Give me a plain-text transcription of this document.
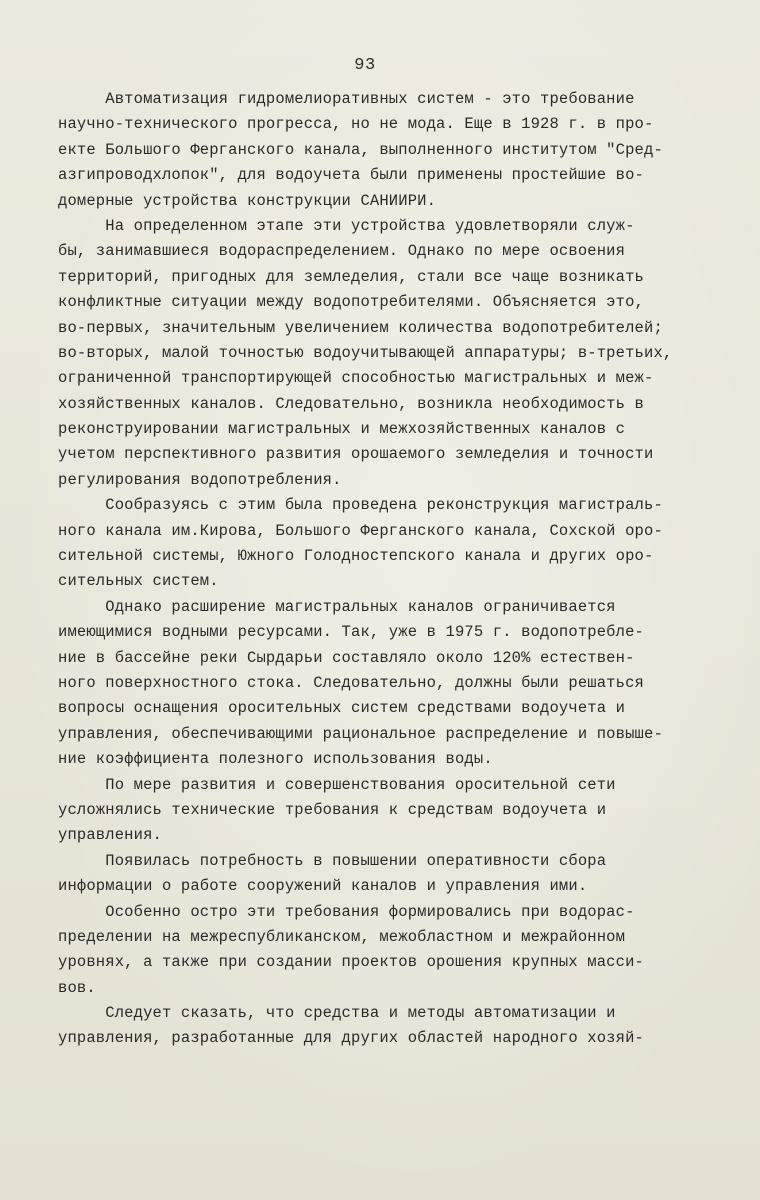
93
Автоматизация гидромелиоративных систем - это требование
научно-технического прогресса, но не мода. Еще в 1928 г. в про-
екте Большого Ферганского канала, выполненного институтом "Сред-
азгипроводхлопок", для водоучета были применены простейшие во-
домерные устройства конструкции САНИИРИ.
На определенном этапе эти устройства удовлетворяли служ-
бы, занимавшиеся водораспределением. Однако по мере освоения
территорий, пригодных для земледелия, стали все чаще возникать
конфликтные ситуации между водопотребителями. Объясняется это,
во-первых, значительным увеличением количества водопотребителей;
во-вторых, малой точностью водоучитывающей аппаратуры; в-третьих,
ограниченной транспортирующей способностью магистральных и меж-
хозяйственных каналов. Следовательно, возникла необходимость в
реконструировании магистральных и межхозяйственных каналов с
учетом перспективного развития орошаемого земледелия и точности
регулирования водопотребления.
Сообразуясь с этим была проведена реконструкция магистраль-
ного канала им.Кирова, Большого Ферганского канала, Сохской оро-
сительной системы, Южного Голодностепского канала и других оро-
сительных систем.
Однако расширение магистральных каналов ограничивается
имеющимися водными ресурсами. Так, уже в 1975 г. водопотребле-
ние в бассейне реки Сырдарьи составляло около 120% естествен-
ного поверхностного стока. Следовательно, должны были решаться
вопросы оснащения оросительных систем средствами водоучета и
управления, обеспечивающими рациональное распределение и повыше-
ние коэффициента полезного использования воды.
По мере развития и совершенствования оросительной сети
усложнялись технические требования к средствам водоучета и
управления.
Появилась потребность в повышении оперативности сбора
информации о работе сооружений каналов и управления ими.
Особенно остро эти требования формировались при водорас-
пределении на межреспубликанском, межобластном и межрайонном
уровнях, а также при создании проектов орошения крупных масси-
вов.
Следует сказать, что средства и методы автоматизации и
управления, разработанные для других областей народного хозяй-
